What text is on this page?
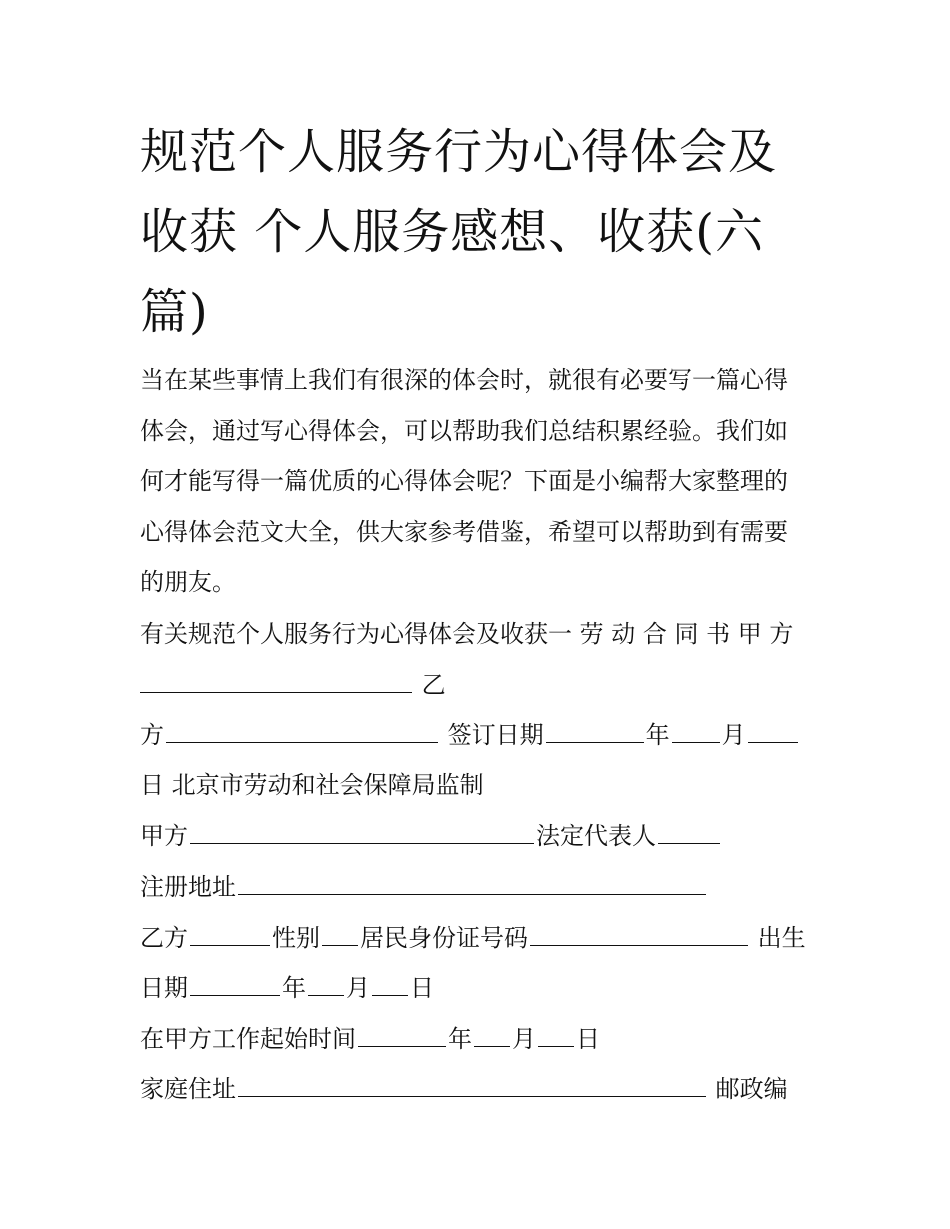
规范个人服务行为心得体会及
收获 个人服务感想、收获(六
篇)
当在某些事情上我们有很深的体会时，就很有必要写一篇心得
体会，通过写心得体会，可以帮助我们总结积累经验。我们如
何才能写得一篇优质的心得体会呢？下面是小编帮大家整理的
心得体会范文大全，供大家参考借鉴，希望可以帮助到有需要
的朋友。
有关规范个人服务行为心得体会及收获一 劳 动 合 同 书 甲 方
乙
方	签订日期	年 月
日 北京市劳动和社会保障局监制
甲方	法定代表人
注册地址
乙方	性别 居民身份证号码	出生
日期	年 月 日
在甲方工作起始时间	年 月 日
家庭住址	邮政编
